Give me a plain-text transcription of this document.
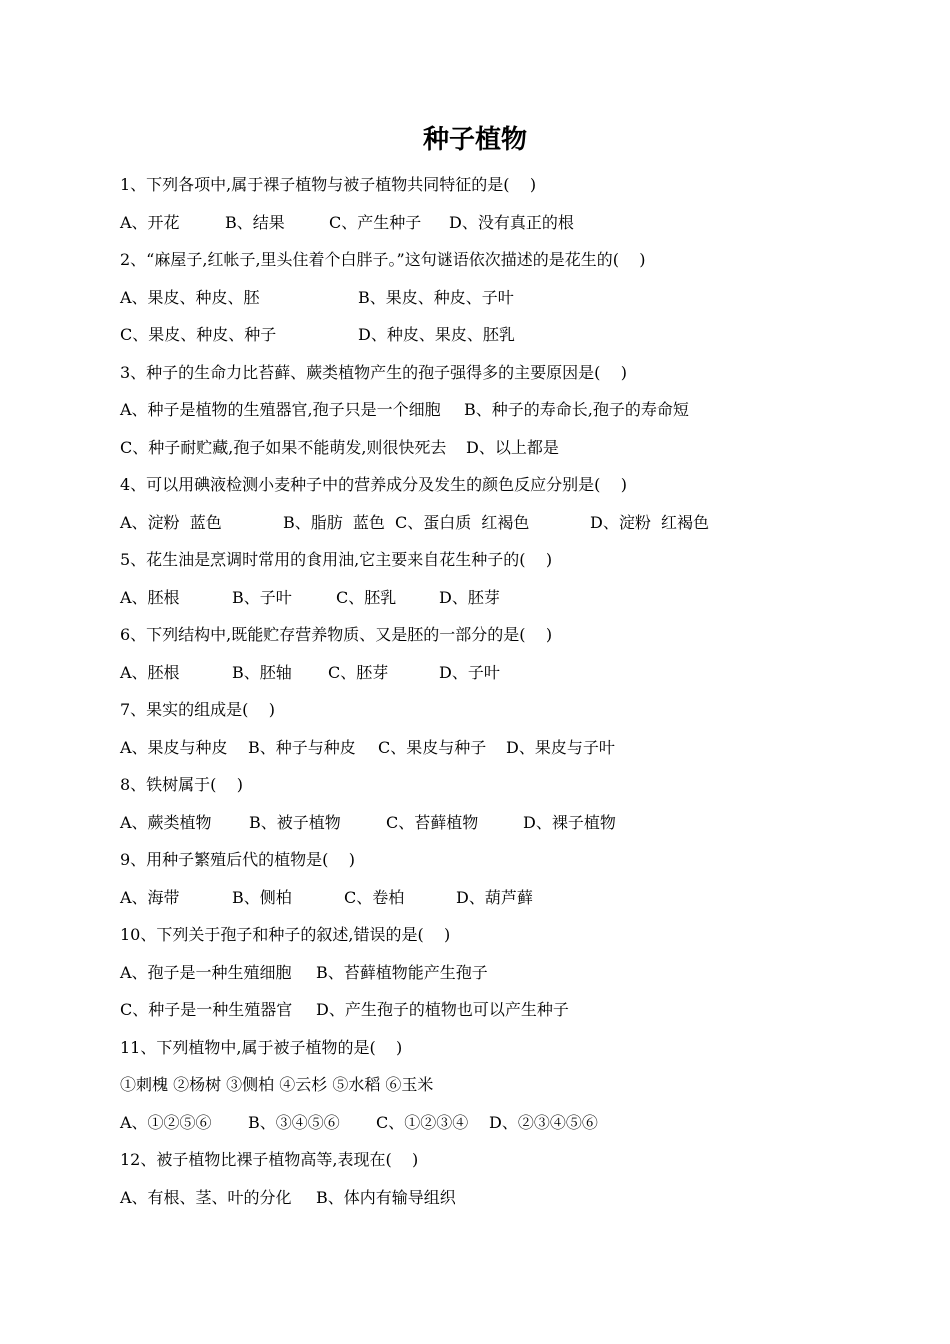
种子植物
1、下列各项中,属于裸子植物与被子植物共同特征的是(    )
A、开花	B、结果	C、产生种子	D、没有真正的根
2、“麻屋子,红帐子,里头住着个白胖子。”这句谜语依次描述的是花生的(    )
A、果皮、种皮、胚	B、果皮、种皮、子叶
C、果皮、种皮、种子	D、种皮、果皮、胚乳
3、种子的生命力比苔藓、蕨类植物产生的孢子强得多的主要原因是(    )
A、种子是植物的生殖器官,孢子只是一个细胞	B、种子的寿命长,孢子的寿命短
C、种子耐贮藏,孢子如果不能萌发,则很快死去	D、以上都是
4、可以用碘液检测小麦种子中的营养成分及发生的颜色反应分别是(    )
A、淀粉  蓝色	B、脂肪  蓝色 C、蛋白质  红褐色	D、淀粉  红褐色
5、花生油是烹调时常用的食用油,它主要来自花生种子的(    )
A、胚根	B、子叶	C、胚乳	D、胚芽
6、下列结构中,既能贮存营养物质、又是胚的一部分的是(    )
A、胚根	B、胚轴	C、胚芽	D、子叶
7、果实的组成是(    )
A、果皮与种皮	B、种子与种皮	C、果皮与种子	D、果皮与子叶
8、铁树属于(    )
A、蕨类植物	B、被子植物	C、苔藓植物	D、裸子植物
9、用种子繁殖后代的植物是(    )
A、海带	B、侧柏	C、卷柏	D、葫芦藓
10、下列关于孢子和种子的叙述,错误的是(    )
A、孢子是一种生殖细胞	B、苔藓植物能产生孢子
C、种子是一种生殖器官	D、产生孢子的植物也可以产生种子
11、下列植物中,属于被子植物的是(    )
①刺槐 ②杨树 ③侧柏 ④云杉 ⑤水稻 ⑥玉米
A、①②⑤⑥	B、③④⑤⑥	C、①②③④	D、②③④⑤⑥
12、被子植物比裸子植物高等,表现在(    )
A、有根、茎、叶的分化	B、体内有输导组织
